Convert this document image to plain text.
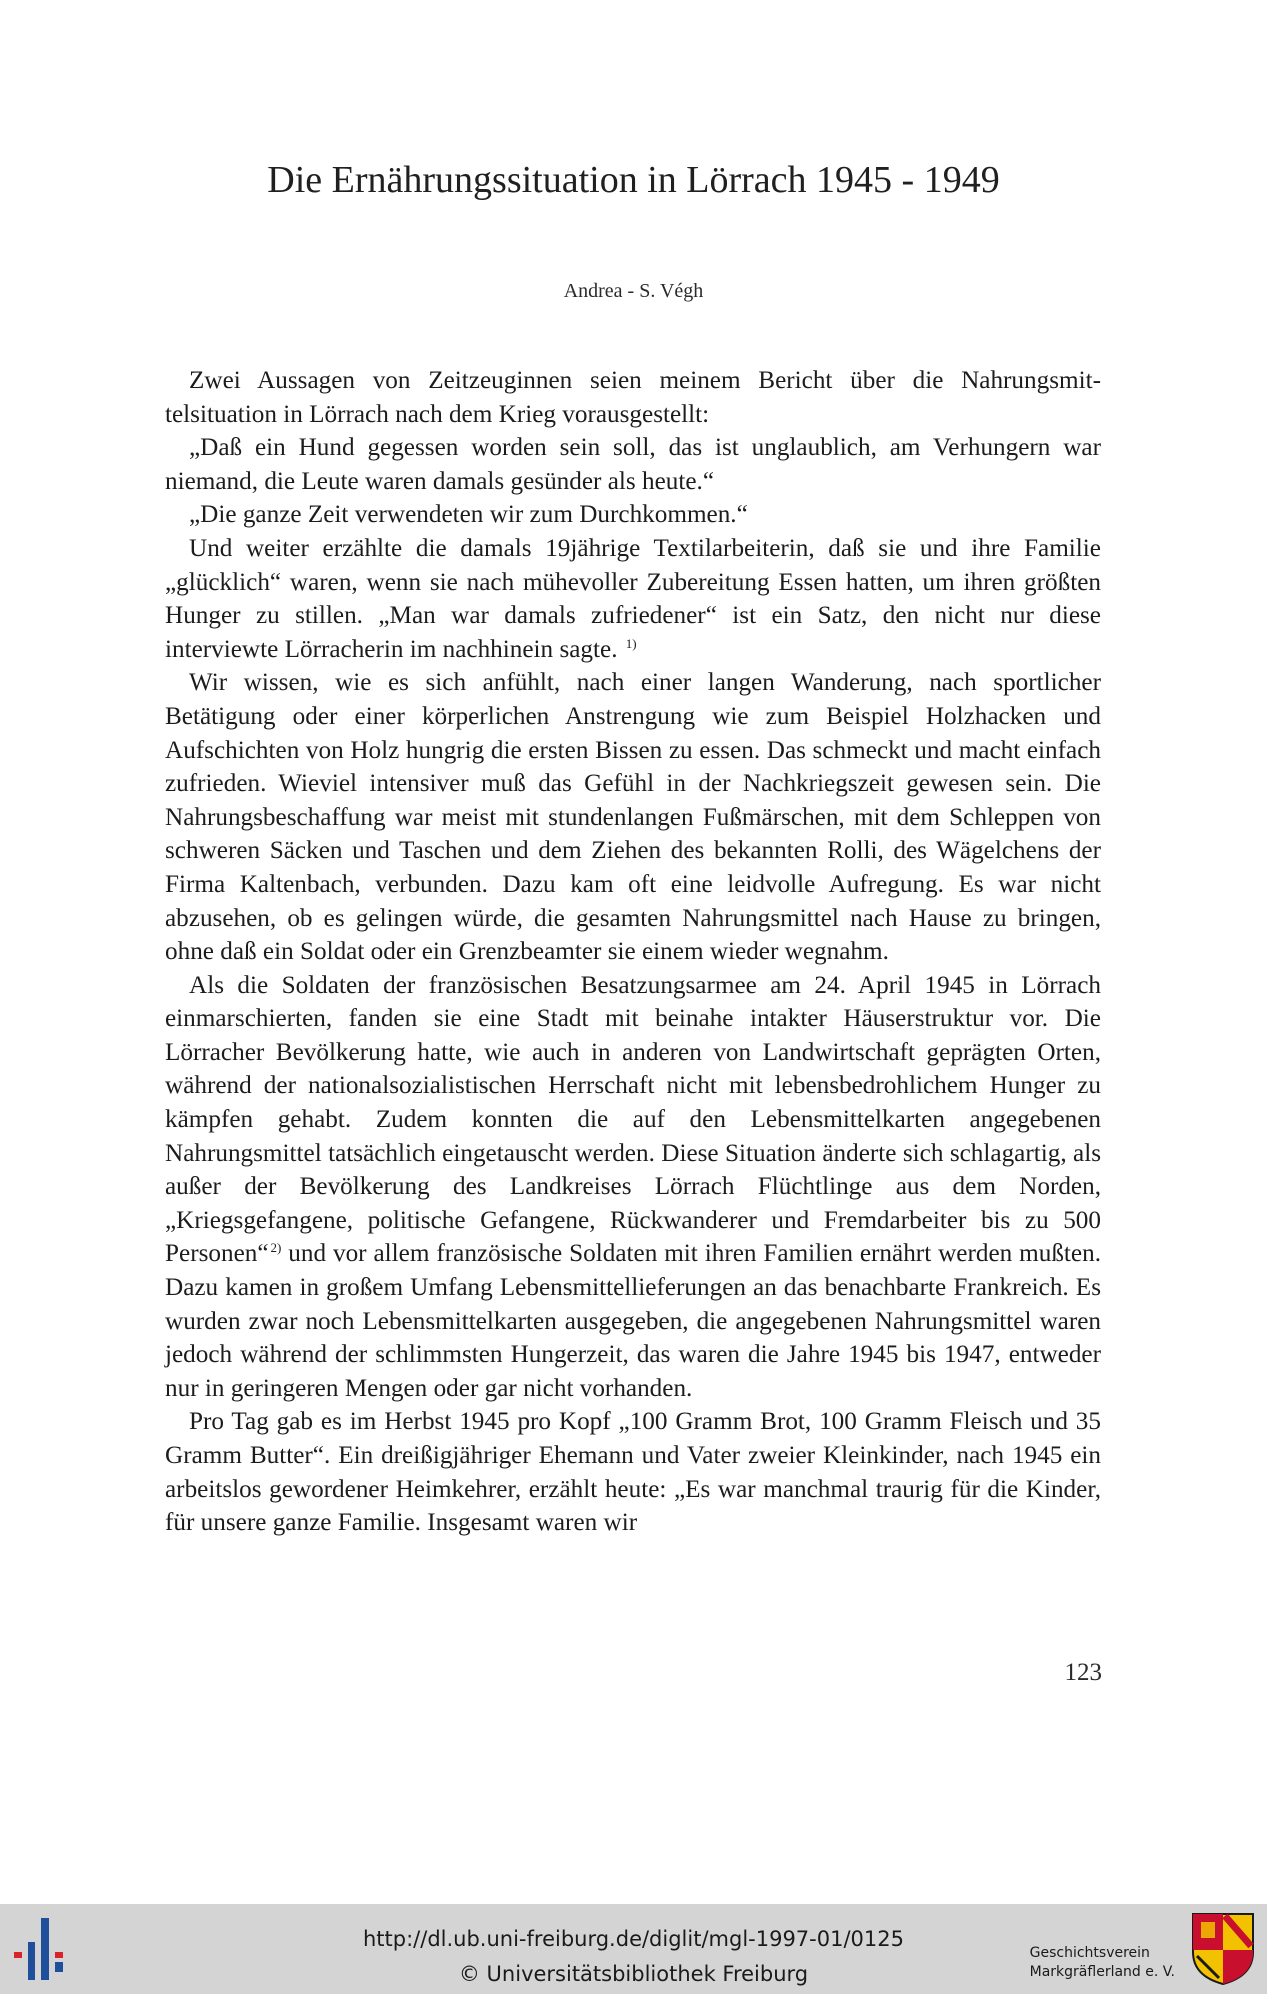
Die Ernährungssituation in Lörrach 1945 - 1949
Andrea - S. Végh

Zwei Aussagen von Zeitzeuginnen seien meinem Bericht über die Nahrungsmittelsituation in Lörrach nach dem Krieg vorausgestellt:

„Daß ein Hund gegessen worden sein soll, das ist unglaublich, am Verhungern war niemand, die Leute waren damals gesünder als heute.“

„Die ganze Zeit verwendeten wir zum Durchkommen.“

Und weiter erzählte die damals 19jährige Textilarbeiterin, daß sie und ihre Familie „glücklich“ waren, wenn sie nach mühevoller Zubereitung Essen hatten, um ihren größten Hunger zu stillen. „Man war damals zufriedener“ ist ein Satz, den nicht nur diese interviewte Lörracherin im nachhinein sagte. $^{1)}$

Wir wissen, wie es sich anfühlt, nach einer langen Wanderung, nach sportlicher Betätigung oder einer körperlichen Anstrengung wie zum Beispiel Holzhacken und Aufschichten von Holz hungrig die ersten Bissen zu essen. Das schmeckt und macht einfach zufrieden. Wieviel intensiver muß das Gefühl in der Nachkriegszeit gewesen sein. Die Nahrungsbeschaffung war meist mit stundenlangen Fußmärschen, mit dem Schleppen von schweren Säcken und Taschen und dem Ziehen des bekannten Rolli, des Wägelchens der Firma Kaltenbach, verbunden. Dazu kam oft eine leidvolle Aufregung. Es war nicht abzusehen, ob es gelingen würde, die gesamten Nahrungsmittel nach Hause zu bringen, ohne daß ein Soldat oder ein Grenzbeamter sie einem wieder wegnahm.

Als die Soldaten der französischen Besatzungsarmee am 24. April 1945 in Lörrach einmarschierten, fanden sie eine Stadt mit beinahe intakter Häuserstruktur vor. Die Lörracher Bevölkerung hatte, wie auch in anderen von Landwirtschaft geprägten Orten, während der nationalsozialistischen Herrschaft nicht mit lebensbedrohlichem Hunger zu kämpfen gehabt. Zudem konnten die auf den Lebensmittelkarten angegebenen Nahrungsmittel tatsächlich eingetauscht werden. Diese Situation änderte sich schlagartig, als außer der Bevölkerung des Landkreises Lörrach Flüchtlinge aus dem Norden, „Kriegsgefangene, politische Gefangene, Rückwanderer und Fremdarbeiter bis zu 500 Personen“ $^{2)}$ und vor allem französische Soldaten mit ihren Familien ernährt werden mußten. Dazu kamen in großem Umfang Lebensmittellieferungen an das benachbarte Frankreich. Es wurden zwar noch Lebensmittelkarten ausgegeben, die angegebenen Nahrungsmittel waren jedoch während der schlimmsten Hungerzeit, das waren die Jahre 1945 bis 1947, entweder nur in geringeren Mengen oder gar nicht vorhanden.

Pro Tag gab es im Herbst 1945 pro Kopf „100 Gramm Brot, 100 Gramm Fleisch und 35 Gramm Butter“. Ein dreißigjähriger Ehemann und Vater zweier Kleinkinder, nach 1945 ein arbeitslos gewordener Heimkehrer, erzählt heute: „Es war manchmal traurig für die Kinder, für unsere ganze Familie. Insgesamt waren wir

123
http://dl.ub.uni-freiburg.de/diglit/mgl-1997-01/0125
© Universitätsbibliothek Freiburg
Geschichtsverein
Markgräflerland e. V.
